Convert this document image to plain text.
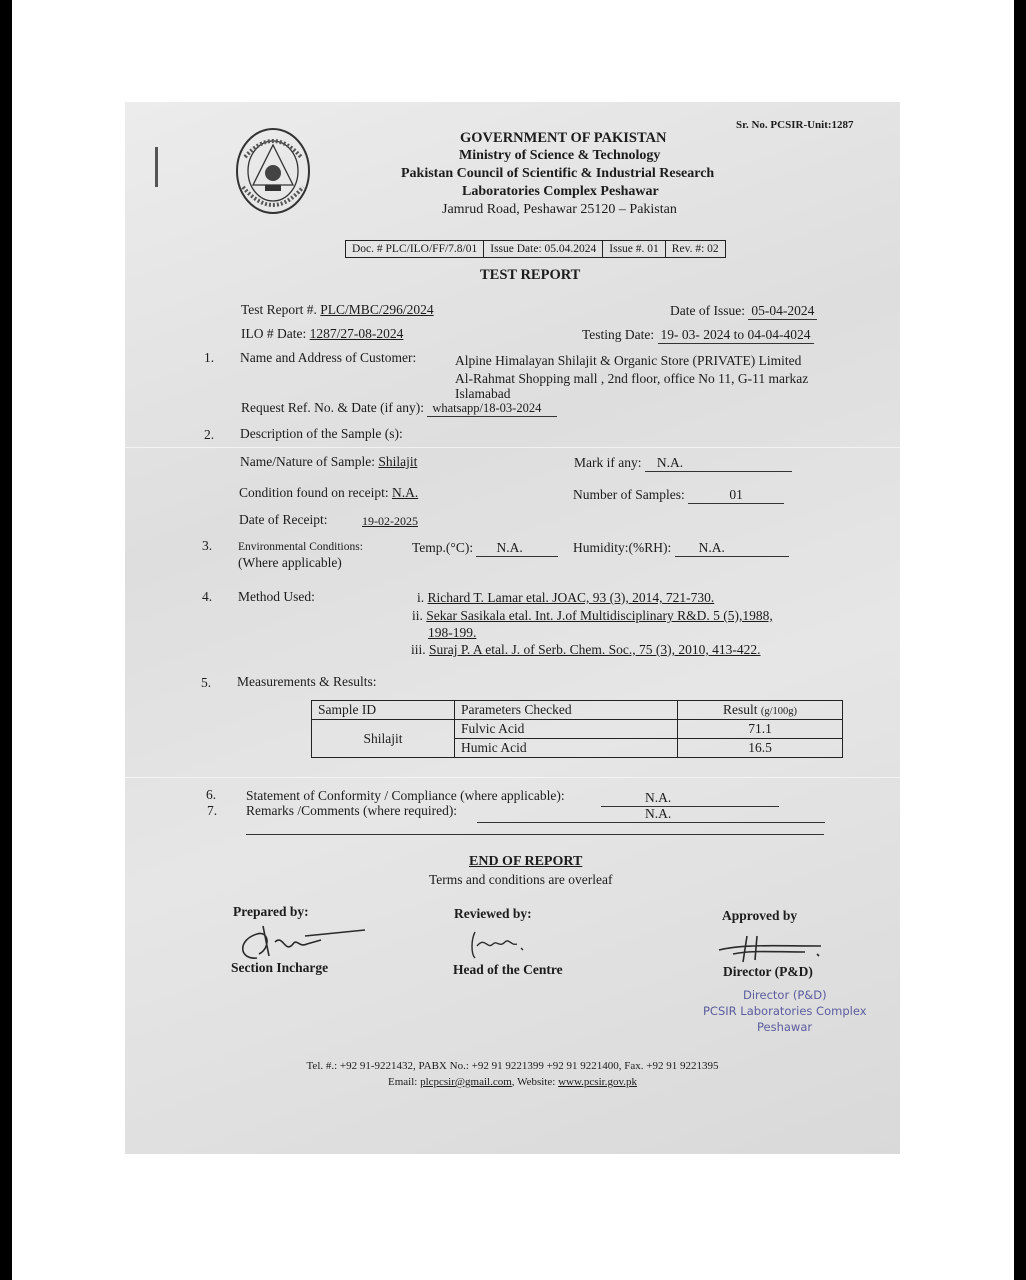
Sr. No. PCSIR-Unit:1287
GOVERNMENT OF PAKISTAN
Ministry of Science & Technology
Pakistan Council of Scientific & Industrial Research
Laboratories Complex Peshawar
Jamrud Road, Peshawar 25120 – Pakistan
Doc. # PLC/ILO/FF/7.8/01	Issue Date: 05.04.2024	Issue #. 01	Rev. #: 02
TEST REPORT
Test Report #. PLC/MBC/296/2024	Date of Issue: 05-04-2024
ILO # Date: 1287/27-08-2024	Testing Date: 19- 03- 2024 to 04-04-4024
1. Name and Address of Customer:	Alpine Himalayan Shilajit & Organic Store (PRIVATE) Limited
Al-Rahmat Shopping mall , 2nd floor, office No 11, G-11 markaz
Islamabad
Request Ref. No. & Date (if any): whatsapp/18-03-2024
2. Description of the Sample (s):
Name/Nature of Sample: Shilajit	Mark if any: N.A.
Condition found on receipt: N.A.	Number of Samples:	01
Date of Receipt:	19-02-2025
3. Environmental Conditions:
(Where applicable)
Temp.(°C): N.A.	Humidity:(%RH): N.A.
4. Method Used:	i. Richard T. Lamar etal. JOAC, 93 (3), 2014, 721-730.
ii. Sekar Sasikala etal. Int. J.of Multidisciplinary R&D. 5 (5),1988,
198-199.
iii. Suraj P. A etal. J. of Serb. Chem. Soc., 75 (3), 2010, 413-422.
5. Measurements & Results:
Sample ID	Parameters Checked	Result (g/100g)
Shilajit	Fulvic Acid	71.1
	Humic Acid	16.5
6. Statement of Conformity / Compliance (where applicable):	N.A.
7. Remarks /Comments (where required):	N.A.
END OF REPORT
Terms and conditions are overleaf
Prepared by:
Section Incharge
Reviewed by:
Head of the Centre
Approved by
Director (P&D)
Director (P&D)
PCSIR Laboratories Complex
Peshawar
Tel. #.: +92 91-9221432, PABX No.: +92 91 9221399 +92 91 9221400, Fax. +92 91 9221395
Email: plcpcsir@gmail.com, Website: www.pcsir.gov.pk
